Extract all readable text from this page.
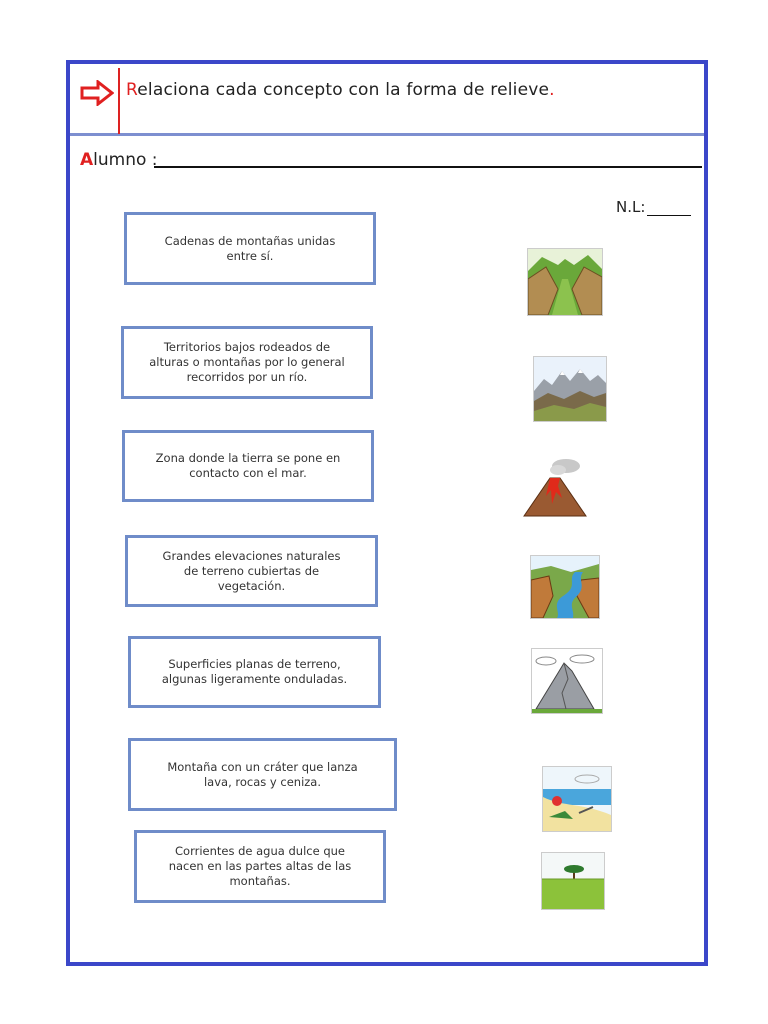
Relaciona cada concepto con la forma de relieve.
Alumno :
N.L:
Cadenas de montañas unidas
entre sí.
Territorios bajos rodeados de
alturas o montañas por lo general
recorridos por un río.
Zona donde la tierra se pone en
contacto con el mar.
Grandes elevaciones naturales
de terreno cubiertas de
vegetación.
Superficies planas de terreno,
algunas ligeramente onduladas.
Montaña con un cráter que lanza
lava, rocas y ceniza.
Corrientes de agua dulce que
nacen en las partes altas de las
montañas.
